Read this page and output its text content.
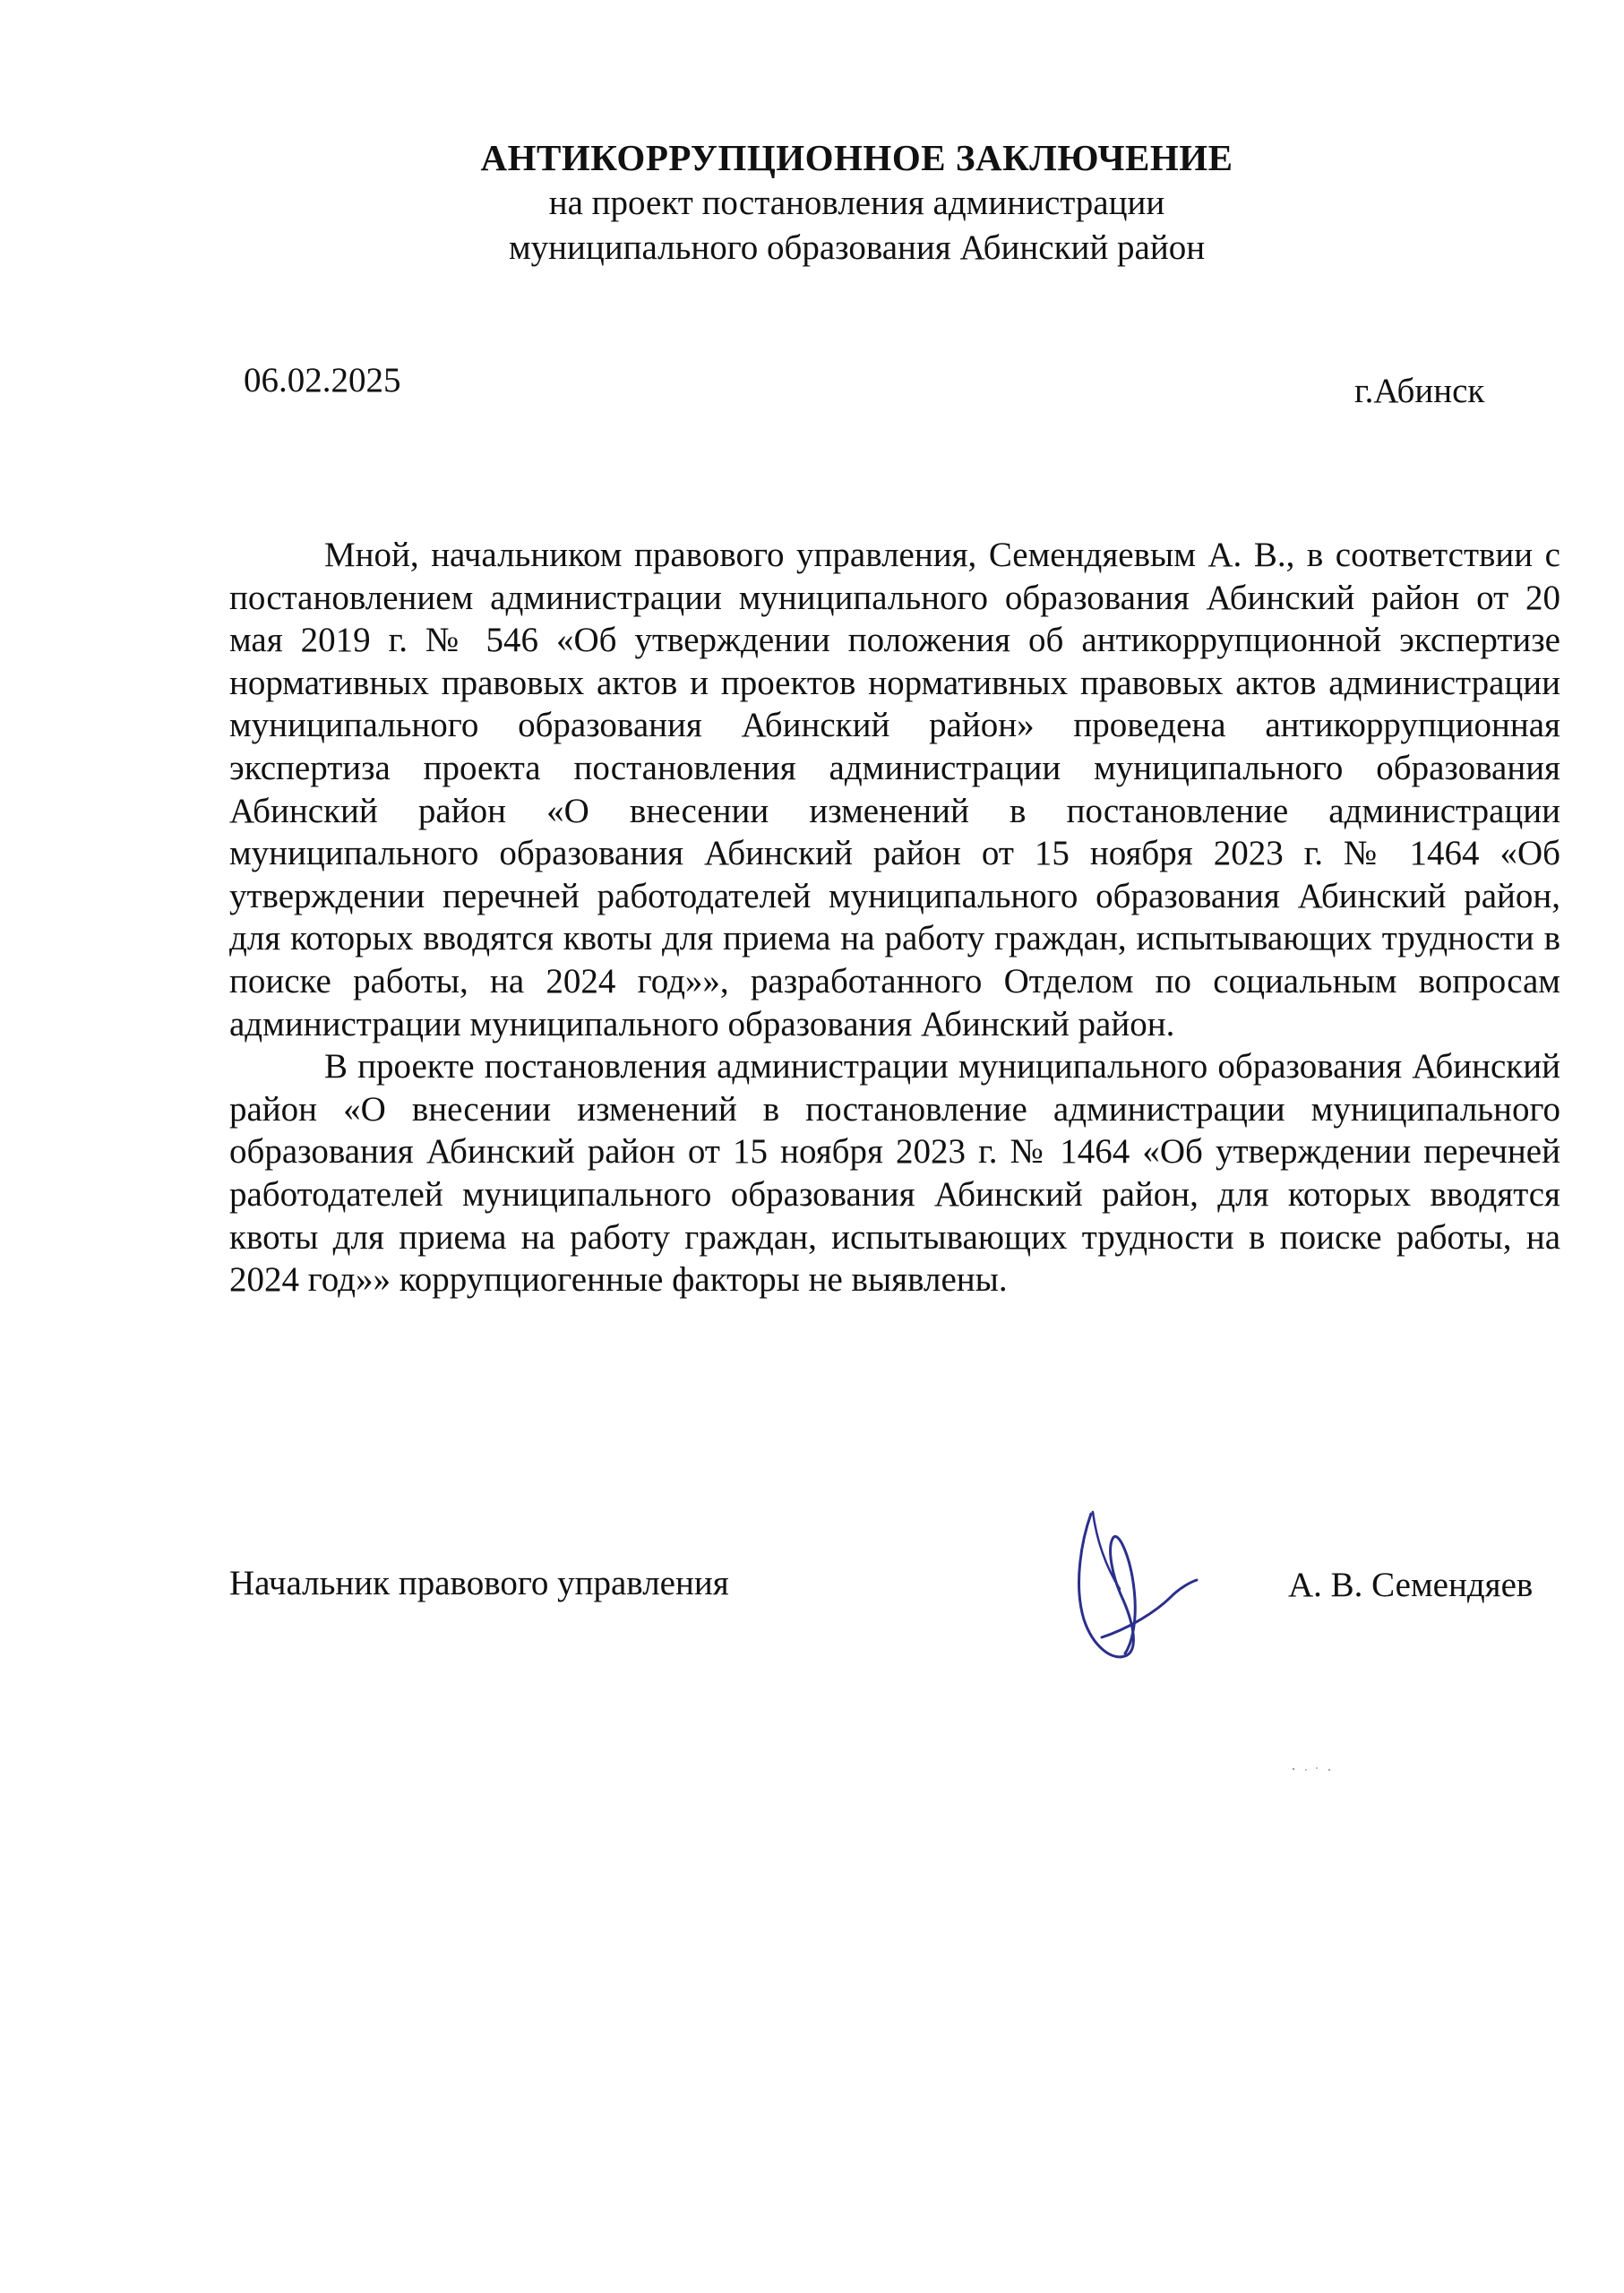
АНТИКОРРУПЦИОННОЕ ЗАКЛЮЧЕНИЕ
на проект постановления администрации
муниципального образования Абинский район
06.02.2025	г.Абинск

Мной, начальником правового управления, Семендяевым А. В., в соответствии с постановлением администрации муниципального образования Абинский район от 20 мая 2019 г. № 546 «Об утверждении положения об антикоррупционной экспертизе нормативных правовых актов и проектов нормативных правовых актов администрации муниципального образования Абинский район» проведена антикоррупционная экспертиза проекта постановления администрации муниципального образования Абинский район «О внесении изменений в постановление администрации муниципального образования Абинский район от 15 ноября 2023 г. № 1464 «Об утверждении перечней работодателей муниципального образования Абинский район, для которых вводятся квоты для приема на работу граждан, испытывающих трудности в поиске работы, на 2024 год»», разработанного Отделом по социальным вопросам администрации муниципального образования Абинский район.

В проекте постановления администрации муниципального образования Абинский район «О внесении изменений в постановление администрации муниципального образования Абинский район от 15 ноября 2023 г. № 1464 «Об утверждении перечней работодателей муниципального образования Абинский район, для которых вводятся квоты для приема на работу граждан, испытывающих трудности в поиске работы, на 2024 год»» коррупциогенные факторы не выявлены.

Начальник правового управления	А. В. Семендяев
